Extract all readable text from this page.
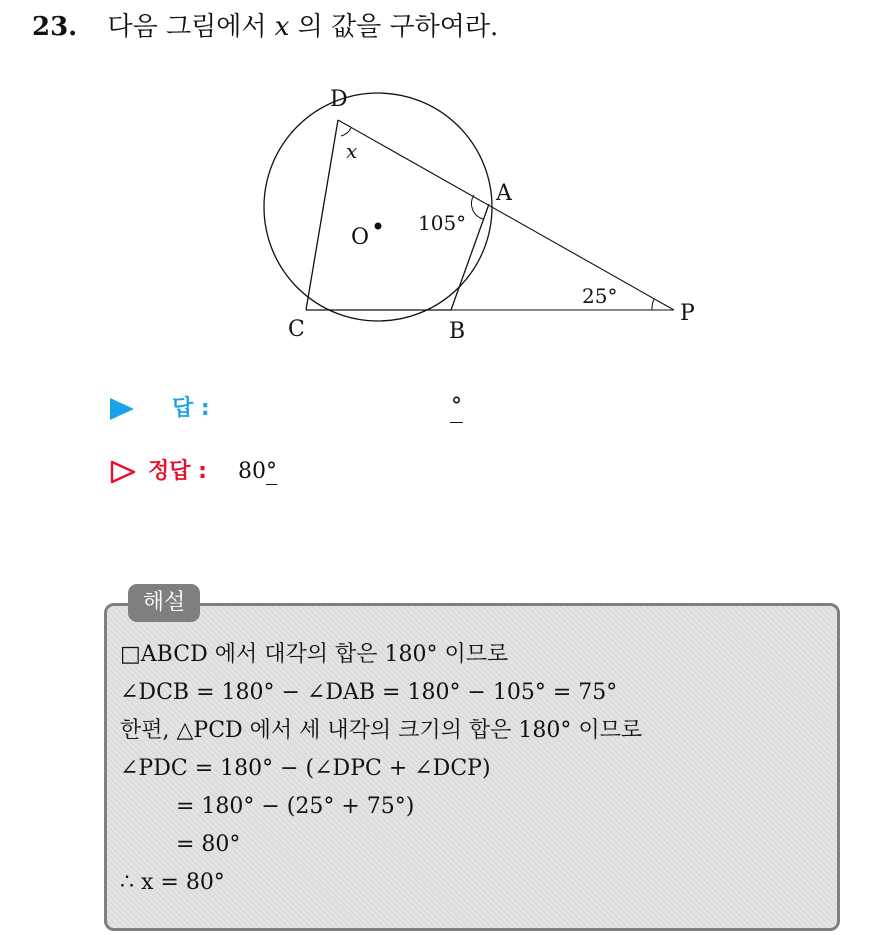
23. 다음 그림에서 x 의 값을 구하여라.
D
A
O
C	B
P
x
105°
25°
답 :	°
정답 : 80°
해설
□ABCD 에서 대각의 합은 180° 이므로
∠DCB = 180° − ∠DAB = 180° − 105° = 75°
한편, △PCD 에서 세 내각의 크기의 합은 180° 이므로
∠PDC = 180° − (∠DPC + ∠DCP)
= 180° − (25° + 75°)
= 80°
∴ x = 80°
